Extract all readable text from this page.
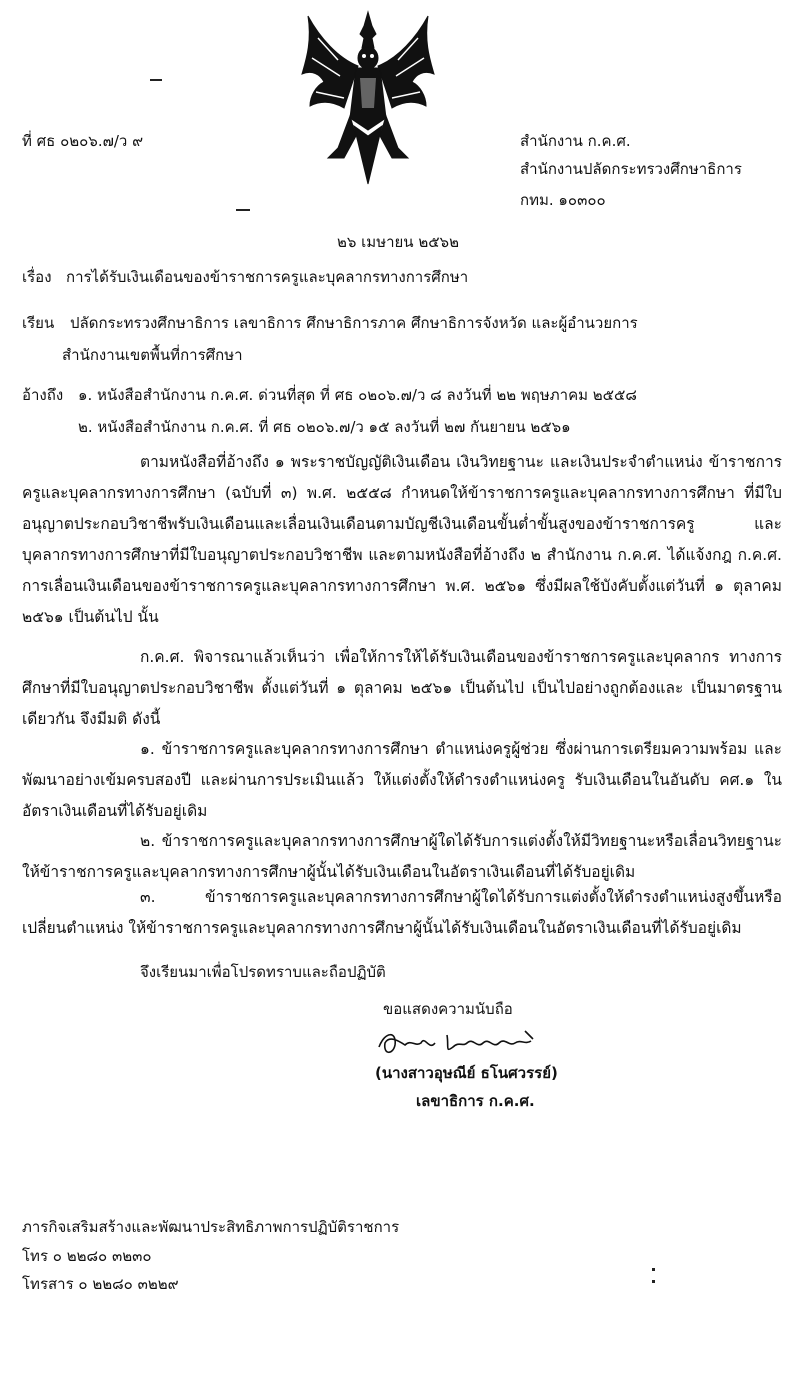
ที่ ศธ ๐๒๐๖.๗/ว ๙	สำนักงาน ก.ค.ศ.
สำนักงานปลัดกระทรวงศึกษาธิการ
กทม. ๑๐๓๐๐
๒๖ เมษายน ๒๕๖๒
เรื่อง การได้รับเงินเดือนของข้าราชการครูและบุคลากรทางการศึกษา
เรียน ปลัดกระทรวงศึกษาธิการ เลขาธิการ ศึกษาธิการภาค ศึกษาธิการจังหวัด และผู้อำนวยการ
สำนักงานเขตพื้นที่การศึกษา
อ้างถึง ๑. หนังสือสำนักงาน ก.ค.ศ. ด่วนที่สุด ที่ ศธ ๐๒๐๖.๗/ว ๘ ลงวันที่ ๒๒ พฤษภาคม ๒๕๕๘
๒. หนังสือสำนักงาน ก.ค.ศ. ที่ ศธ ๐๒๐๖.๗/ว ๑๕ ลงวันที่ ๒๗ กันยายน ๒๕๖๑

ตามหนังสือที่อ้างถึง ๑ พระราชบัญญัติเงินเดือน เงินวิทยฐานะ และเงินประจำตำแหน่ง ข้าราชการครูและบุคลากรทางการศึกษา (ฉบับที่ ๓) พ.ศ. ๒๕๕๘ กำหนดให้ข้าราชการครูและบุคลากรทางการศึกษา ที่มีใบอนุญาตประกอบวิชาชีพรับเงินเดือนและเลื่อนเงินเดือนตามบัญชีเงินเดือนขั้นต่ำขั้นสูงของข้าราชการครู และบุคลากรทางการศึกษาที่มีใบอนุญาตประกอบวิชาชีพ และตามหนังสือที่อ้างถึง ๒ สำนักงาน ก.ค.ศ. ได้แจ้งกฎ ก.ค.ศ. การเลื่อนเงินเดือนของข้าราชการครูและบุคลากรทางการศึกษา พ.ศ. ๒๕๖๑ ซึ่งมีผลใช้บังคับตั้งแต่วันที่ ๑ ตุลาคม ๒๕๖๑ เป็นต้นไป นั้น

ก.ค.ศ. พิจารณาแล้วเห็นว่า เพื่อให้การให้ได้รับเงินเดือนของข้าราชการครูและบุคลากร ทางการศึกษาที่มีใบอนุญาตประกอบวิชาชีพ ตั้งแต่วันที่ ๑ ตุลาคม ๒๕๖๑ เป็นต้นไป เป็นไปอย่างถูกต้องและ เป็นมาตรฐานเดียวกัน จึงมีมติ ดังนี้

๑. ข้าราชการครูและบุคลากรทางการศึกษา ตำแหน่งครูผู้ช่วย ซึ่งผ่านการเตรียมความพร้อม และพัฒนาอย่างเข้มครบสองปี และผ่านการประเมินแล้ว ให้แต่งตั้งให้ดำรงตำแหน่งครู รับเงินเดือนในอันดับ คศ.๑ ในอัตราเงินเดือนที่ได้รับอยู่เดิม

๒. ข้าราชการครูและบุคลากรทางการศึกษาผู้ใดได้รับการแต่งตั้งให้มีวิทยฐานะหรือเลื่อนวิทยฐานะ ให้ข้าราชการครูและบุคลากรทางการศึกษาผู้นั้นได้รับเงินเดือนในอัตราเงินเดือนที่ได้รับอยู่เดิม

๓. ข้าราชการครูและบุคลากรทางการศึกษาผู้ใดได้รับการแต่งตั้งให้ดำรงตำแหน่งสูงขึ้นหรือ เปลี่ยนตำแหน่ง ให้ข้าราชการครูและบุคลากรทางการศึกษาผู้นั้นได้รับเงินเดือนในอัตราเงินเดือนที่ได้รับอยู่เดิม

จึงเรียนมาเพื่อโปรดทราบและถือปฏิบัติ
ขอแสดงความนับถือ
(นางสาวอุษณีย์ ธโนศวรรย์)
เลขาธิการ ก.ค.ศ.
ภารกิจเสริมสร้างและพัฒนาประสิทธิภาพการปฏิบัติราชการ
โทร ๐ ๒๒๘๐ ๓๒๓๐
โทรสาร ๐ ๒๒๘๐ ๓๒๒๙
